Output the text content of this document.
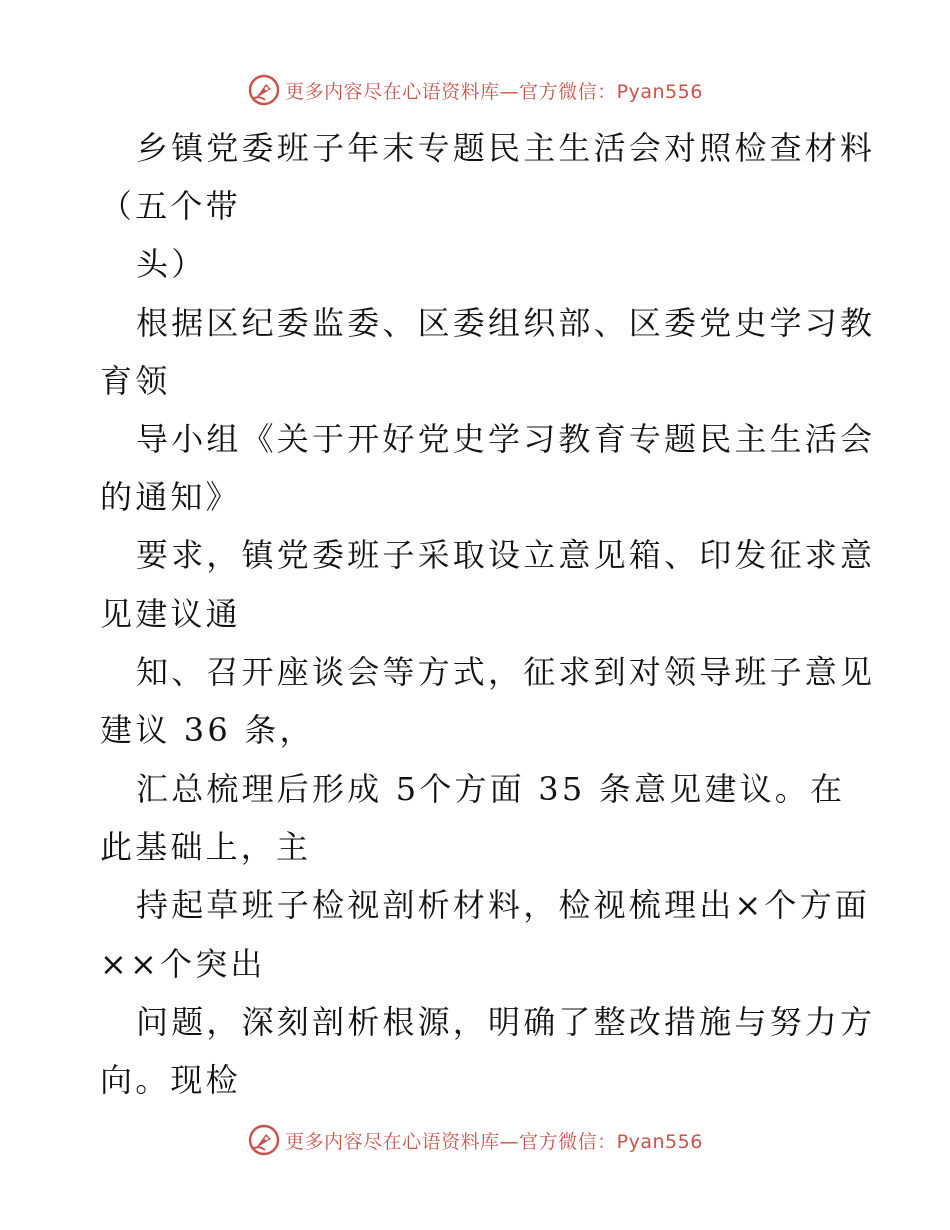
更多内容尽在心语资料库—官方微信：Pyan556
乡镇党委班子年末专题民主生活会对照检查材料
（五个带
头）
根据区纪委监委、区委组织部、区委党史学习教
育领
导小组《关于开好党史学习教育专题民主生活会
的通知》
要求，镇党委班子采取设立意见箱、印发征求意
见建议通
知、召开座谈会等方式，征求到对领导班子意见
建议 36 条，
汇总梳理后形成 5个方面 35 条意见建议。在
此基础上，主
持起草班子检视剖析材料，检视梳理出×个方面
××个突出
问题，深刻剖析根源，明确了整改措施与努力方
向。现检
更多内容尽在心语资料库—官方微信：Pyan556
